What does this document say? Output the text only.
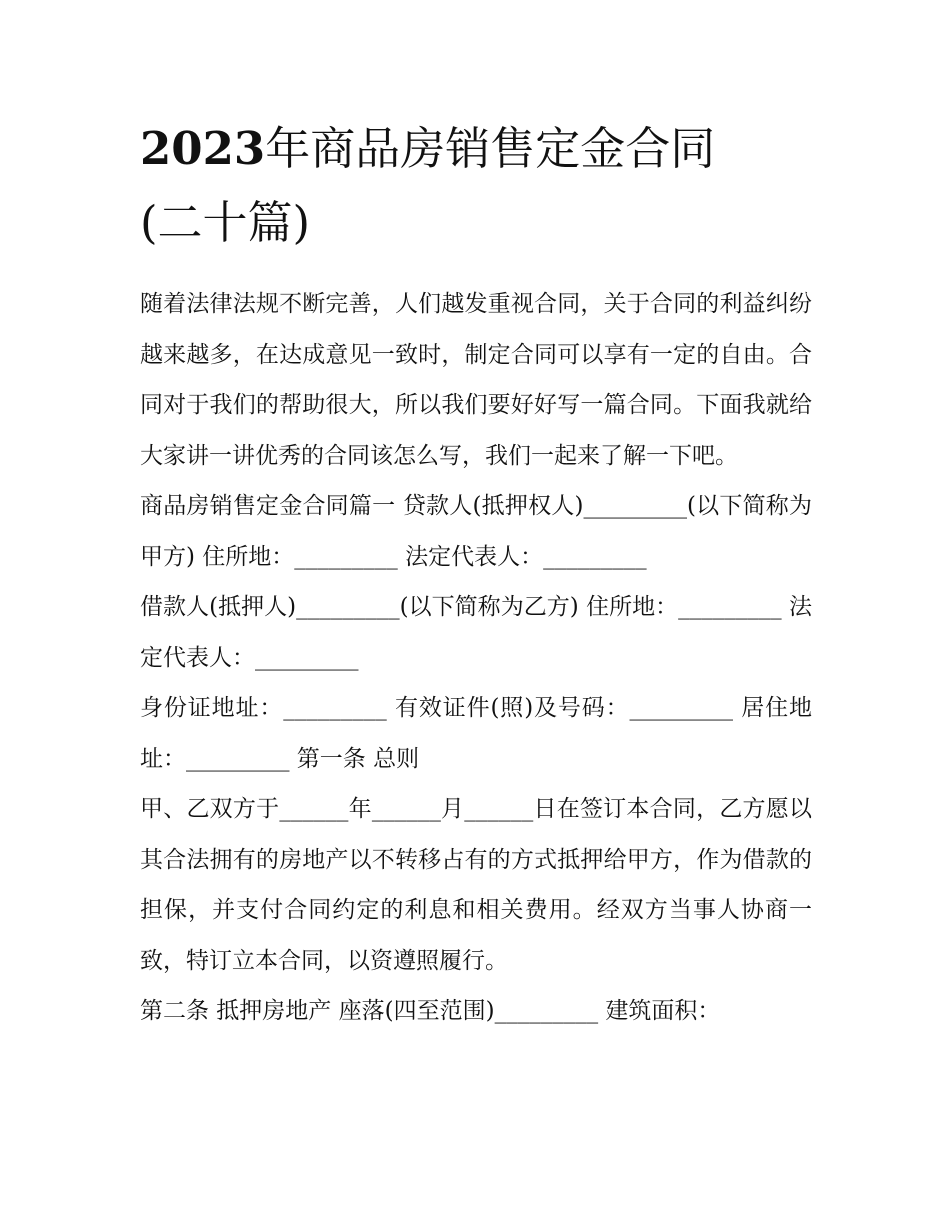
2023年商品房销售定金合同
(二十篇)

随着法律法规不断完善，人们越发重视合同，关于合同的利益纠纷越来越多，在达成意见一致时，制定合同可以享有一定的自由。合同对于我们的帮助很大，所以我们要好好写一篇合同。下面我就给大家讲一讲优秀的合同该怎么写，我们一起来了解一下吧。

商品房销售定金合同篇一 贷款人(抵押权人)_________(以下简称为甲方) 住所地：_________ 法定代表人：_________

借款人(抵押人)_________(以下简称为乙方) 住所地：_________ 法定代表人：_________

身份证地址：_________ 有效证件(照)及号码：_________ 居住地址：_________ 第一条 总则

甲、乙双方于______年______月______日在签订本合同，乙方愿以其合法拥有的房地产以不转移占有的方式抵押给甲方，作为借款的担保，并支付合同约定的利息和相关费用。经双方当事人协商一致，特订立本合同，以资遵照履行。

第二条 抵押房地产 座落(四至范围)_________ 建筑面积：
